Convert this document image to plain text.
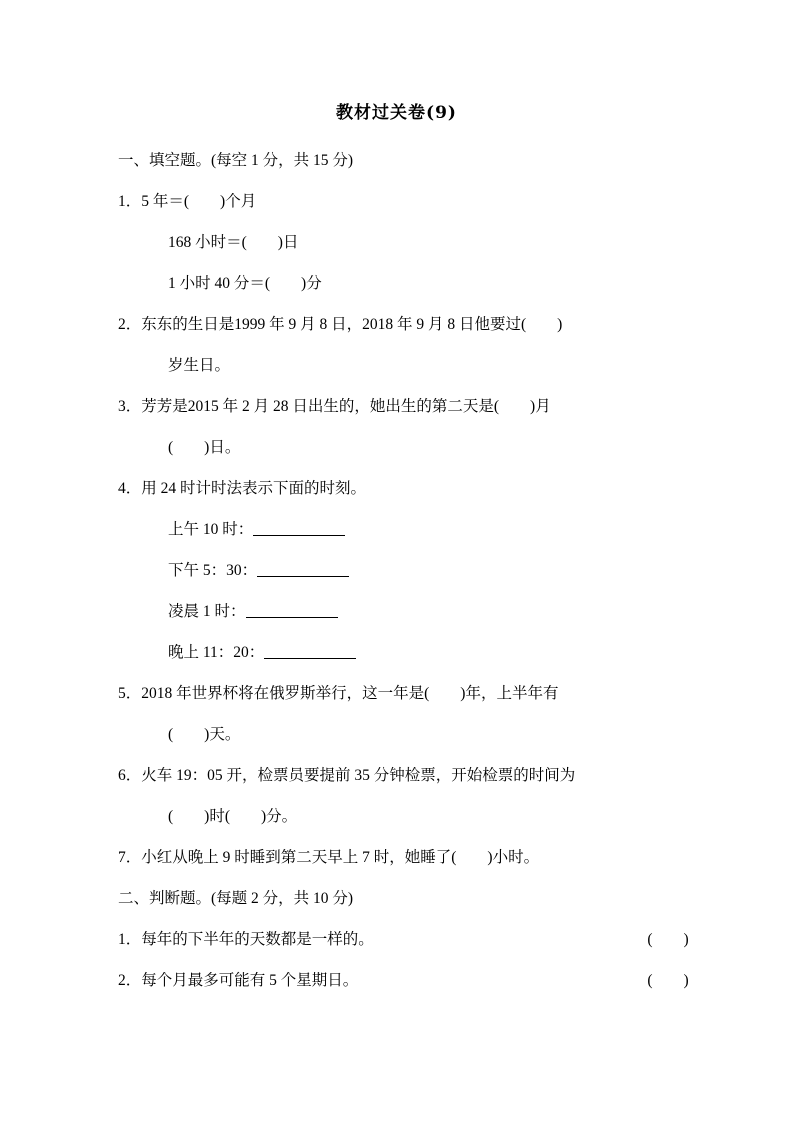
教材过关卷(9)
一、填空题。(每空 1 分，共 15 分)
1．5 年＝(        )个月
168 小时＝(        )日
1 小时 40 分＝(        )分
2．东东的生日是1999 年 9 月 8 日，2018 年 9 月 8 日他要过(        )
岁生日。
3．芳芳是2015 年 2 月 28 日出生的，她出生的第二天是(        )月
(        )日。
4．用 24 时计时法表示下面的时刻。
上午 10 时：
下午 5：30：
凌晨 1 时：
晚上 11：20：
5．2018 年世界杯将在俄罗斯举行，这一年是(        )年，上半年有
(        )天。
6．火车 19：05 开，检票员要提前 35 分钟检票，开始检票的时间为
(        )时(        )分。
7．小红从晚上 9 时睡到第二天早上 7 时，她睡了(        )小时。
二、判断题。(每题 2 分，共 10 分)
1．每年的下半年的天数都是一样的。	(        )
2．每个月最多可能有 5 个星期日。	(        )
